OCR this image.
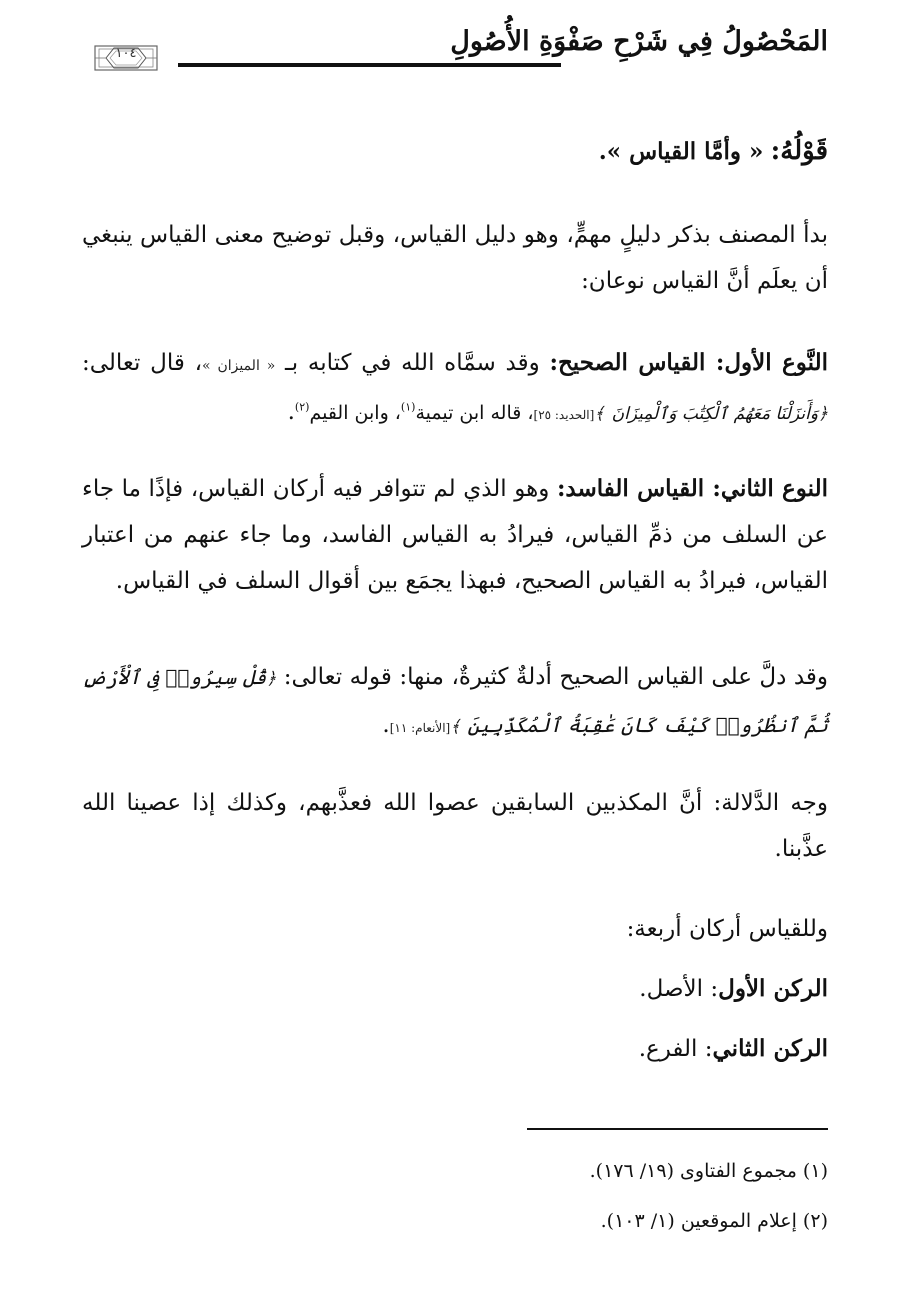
المَحْصُولُ فِي شَرْحِ صَفْوَةِ الأُصُولِ
١٠٤
قَوْلُهُ: « وأمَّا القياس ».
بدأ المصنف بذكر دليلٍ مهمٍّ، وهو دليل القياس، وقبل توضيح معنى القياس ينبغي أن يعلَم أنَّ القياس نوعان:
النَّوع الأول: القياس الصحيح: وقد سمَّاه الله في كتابه بـ « الميزان »، قال تعالى: ﴿وَأَنزَلْنَا مَعَهُمُ ٱلْكِتَٰبَ وَٱلْمِيزَانَ ﴾[الحديد: ٢٥]، قاله ابن تيمية$^{(١)}$، وابن القيم$^{(٢)}$.
النوع الثاني: القياس الفاسد: وهو الذي لم تتوافر فيه أركان القياس، فإذًا ما جاء عن السلف من ذمِّ القياس، فيرادُ به القياس الفاسد، وما جاء عنهم من اعتبار القياس، فيرادُ به القياس الصحيح، فبهذا يجمَع بين أقوال السلف في القياس.
وقد دلَّ على القياس الصحيح أدلةٌ كثيرةٌ، منها: قوله تعالى: ﴿قُلْ سِيرُوا۟ فِى ٱلْأَرْضِ ثُمَّ ٱنظُرُوا۟ كَيْفَ كَانَ عَٰقِبَةُ ٱلْمُكَذِّبِينَ ﴾[الأنعام: ١١].
وجه الدَّلالة: أنَّ المكذبين السابقين عصوا الله فعذَّبهم، وكذلك إذا عصينا الله عذَّبنا.
وللقياس أركان أربعة:
الركن الأول: الأصل.
الركن الثاني: الفرع.
(١) مجموع الفتاوى (١٩/ ١٧٦).
(٢) إعلام الموقعين (١/ ١٠٣).
